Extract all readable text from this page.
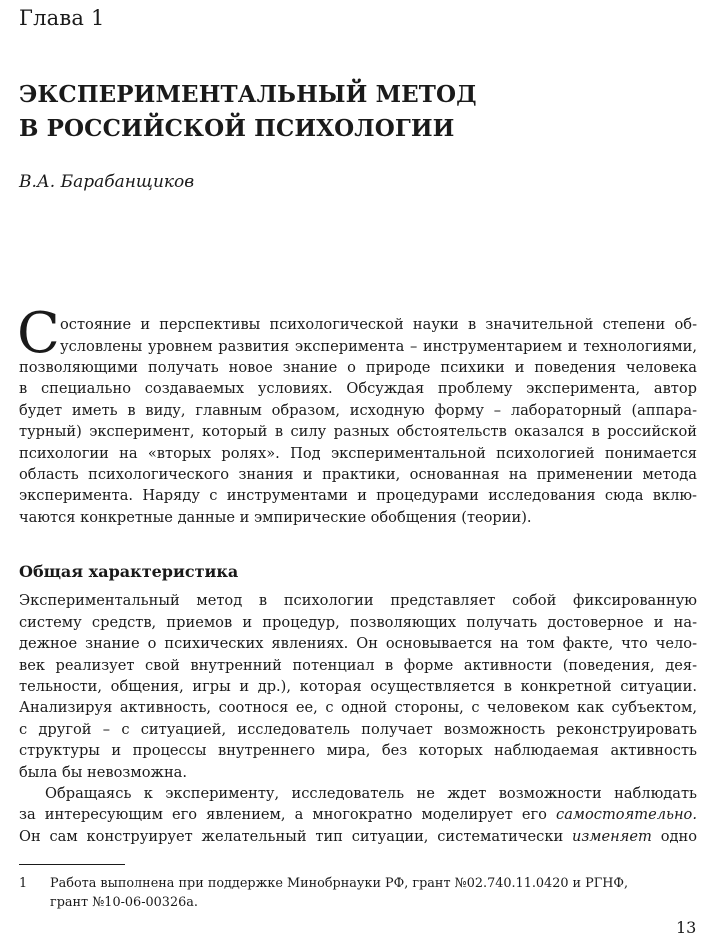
Глава 1
ЭКСПЕРИМЕНТАЛЬНЫЙ МЕТОД
В РОССИЙСКОЙ ПСИХОЛОГИИ
В.А. Барабанщиков
С остояние и перспективы психологической науки в значительной степени об-
условлены уровнем развития эксперимента – инструментарием и технологиями,
позволяющими получать новое знание о природе психики и поведения человека
в специально создаваемых условиях. Обсуждая проблему эксперимента, автор
будет иметь в виду, главным образом, исходную форму – лабораторный (аппара-
турный) эксперимент, который в силу разных обстоятельств оказался в российской
психологии на «вторых ролях». Под экспериментальной психологией понимается
область психологического знания и практики, основанная на применении метода
эксперимента. Наряду с инструментами и процедурами исследования сюда вклю-
чаются конкретные данные и эмпирические обобщения (теории).
Общая характеристика
Экспериментальный метод в психологии представляет собой фиксированную
систему средств, приемов и процедур, позволяющих получать достоверное и на-
дежное знание о психических явлениях. Он основывается на том факте, что чело-
век реализует свой внутренний потенциал в форме активности (поведения, дея-
тельности, общения, игры и др.), которая осуществляется в конкретной ситуации.
Анализируя активность, соотнося ее, с одной стороны, с человеком как субъектом,
с другой – с ситуацией, исследователь получает возможность реконструировать
структуры и процессы внутреннего мира, без которых наблюдаемая активность
была бы невозможна.
Обращаясь к эксперименту, исследователь не ждет возможности наблюдать
за интересующим его явлением, а многократно моделирует его самостоятельно.
Он сам конструирует желательный тип ситуации, систематически изменяет одно
1 Работа выполнена при поддержке Минобрнауки РФ, грант №02.740.11.0420 и РГНФ,
грант №10-06-00326а.
13
